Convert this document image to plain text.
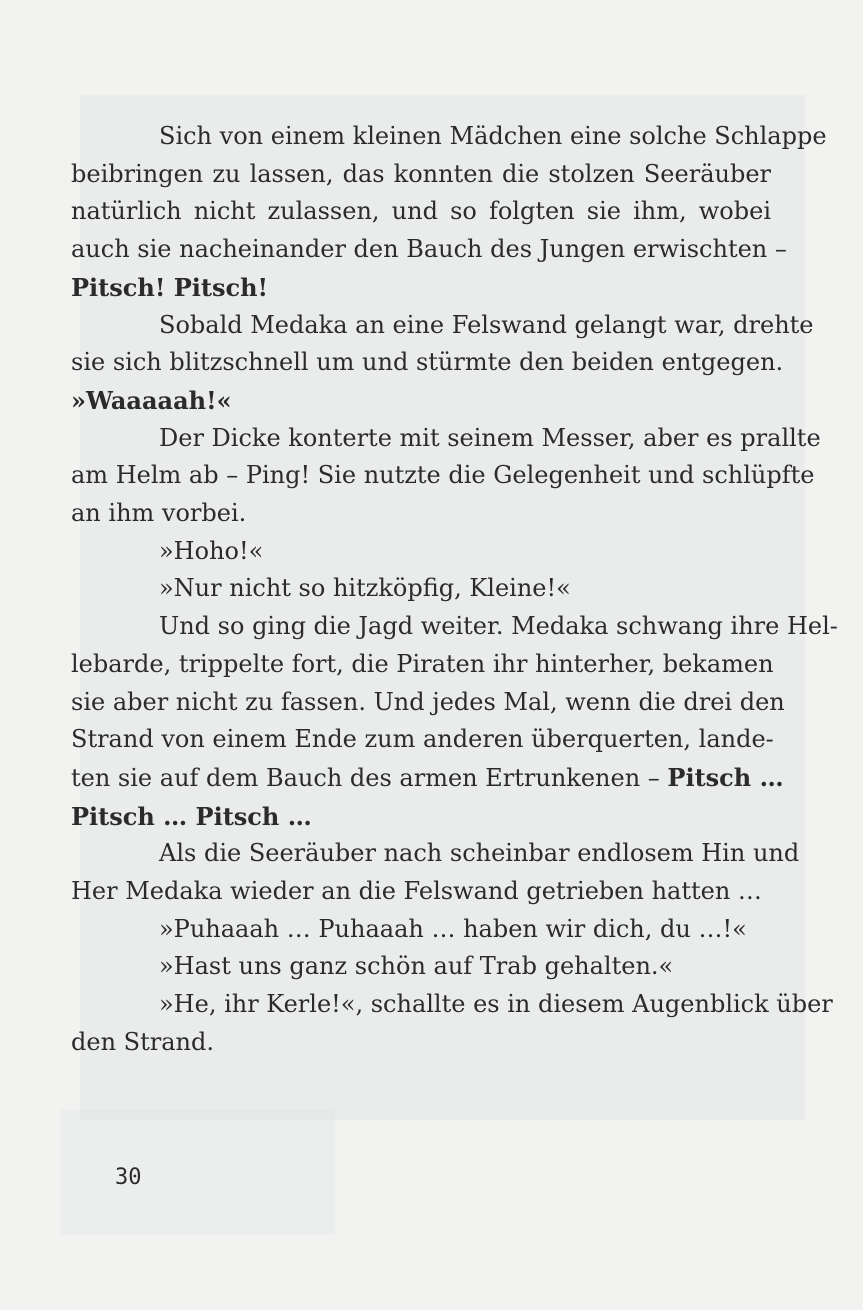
Sich von einem kleinen Mädchen eine solche Schlappe
beibringen zu lassen, das konnten die stolzen Seeräuber
natürlich nicht zulassen, und so folgten sie ihm, wobei
auch sie nacheinander den Bauch des Jungen erwischten –
Pitsch! Pitsch!

Sobald Medaka an eine Felswand gelangt war, drehte
sie sich blitzschnell um und stürmte den beiden entgegen.
»Waaaaah!«

Der Dicke konterte mit seinem Messer, aber es prallte
am Helm ab – Ping! Sie nutzte die Gelegenheit und schlüpfte
an ihm vorbei.

»Hoho!«

»Nur nicht so hitzköpfig, Kleine!«

Und so ging die Jagd weiter. Medaka schwang ihre Hel-
lebarde, trippelte fort, die Piraten ihr hinterher, bekamen
sie aber nicht zu fassen. Und jedes Mal, wenn die drei den
Strand von einem Ende zum anderen überquerten, lande-
ten sie auf dem Bauch des armen Ertrunkenen – Pitsch …
Pitsch … Pitsch …

Als die Seeräuber nach scheinbar endlosem Hin und
Her Medaka wieder an die Felswand getrieben hatten …

»Puhaaah … Puhaaah … haben wir dich, du …!«

»Hast uns ganz schön auf Trab gehalten.«

»He, ihr Kerle!«, schallte es in diesem Augenblick über
den Strand.

30
